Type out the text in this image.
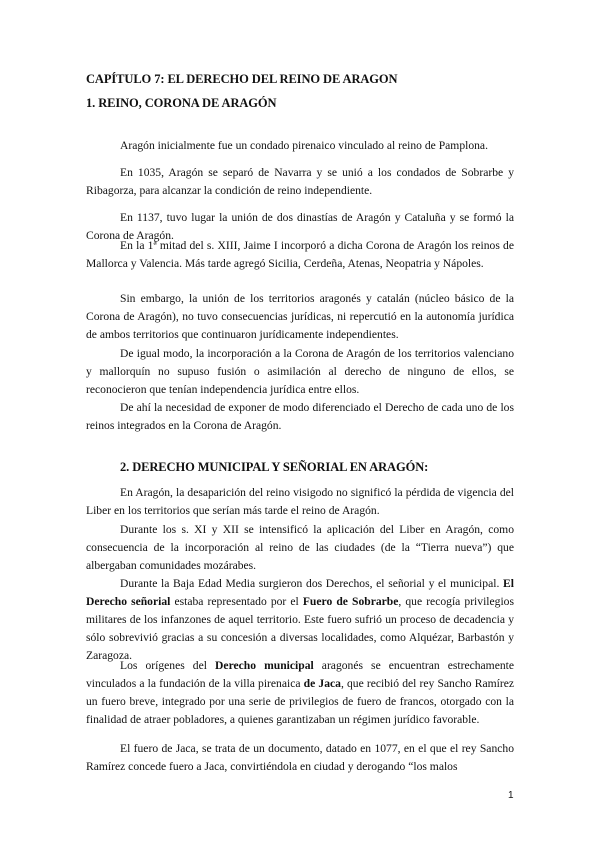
CAPÍTULO 7: EL DERECHO DEL REINO DE ARAGON
1. REINO, CORONA DE ARAGÓN
Aragón inicialmente fue un condado pirenaico vinculado al reino de Pamplona.
En 1035, Aragón se separó de Navarra y se unió a los condados de Sobrarbe y Ribagorza, para alcanzar la condición de reino independiente.
En 1137, tuvo lugar la unión de dos dinastías de Aragón y Cataluña y se formó la Corona de Aragón.
En la 1ª mitad del s. XIII, Jaime I incorporó a dicha Corona de Aragón los reinos de Mallorca y Valencia. Más tarde agregó Sicilia, Cerdeña, Atenas, Neopatria y Nápoles.
Sin embargo, la unión de los territorios aragonés y catalán (núcleo básico de la Corona de Aragón), no tuvo consecuencias jurídicas, ni repercutió en la autonomía jurídica de ambos territorios que continuaron jurídicamente independientes.
De igual modo, la incorporación a la Corona de Aragón de los territorios valenciano y mallorquín no supuso fusión o asimilación al derecho de ninguno de ellos, se reconocieron que tenían independencia jurídica entre ellos.
De ahí la necesidad de exponer de modo diferenciado el Derecho de cada uno de los reinos integrados en la Corona de Aragón.
2. DERECHO MUNICIPAL Y SEÑORIAL EN ARAGÓN:
En Aragón, la desaparición del reino visigodo no significó la pérdida de vigencia del Liber en los territorios que serían más tarde el reino de Aragón.
Durante los s. XI y XII se intensificó la aplicación del Liber en Aragón, como consecuencia de la incorporación al reino de las ciudades (de la “Tierra nueva”) que albergaban comunidades mozárabes.
Durante la Baja Edad Media surgieron dos Derechos, el señorial y el municipal. El Derecho señorial estaba representado por el Fuero de Sobrarbe, que recogía privilegios militares de los infanzones de aquel territorio. Este fuero sufrió un proceso de decadencia y sólo sobrevivió gracias a su concesión a diversas localidades, como Alquézar, Barbastón y Zaragoza.
Los orígenes del Derecho municipal aragonés se encuentran estrechamente vinculados a la fundación de la villa pirenaica de Jaca, que recibió del rey Sancho Ramírez un fuero breve, integrado por una serie de privilegios de fuero de francos, otorgado con la finalidad de atraer pobladores, a quienes garantizaban un régimen jurídico favorable.
El fuero de Jaca, se trata de un documento, datado en 1077, en el que el rey Sancho Ramírez concede fuero a Jaca, convirtiéndola en ciudad y derogando “los malos
1
